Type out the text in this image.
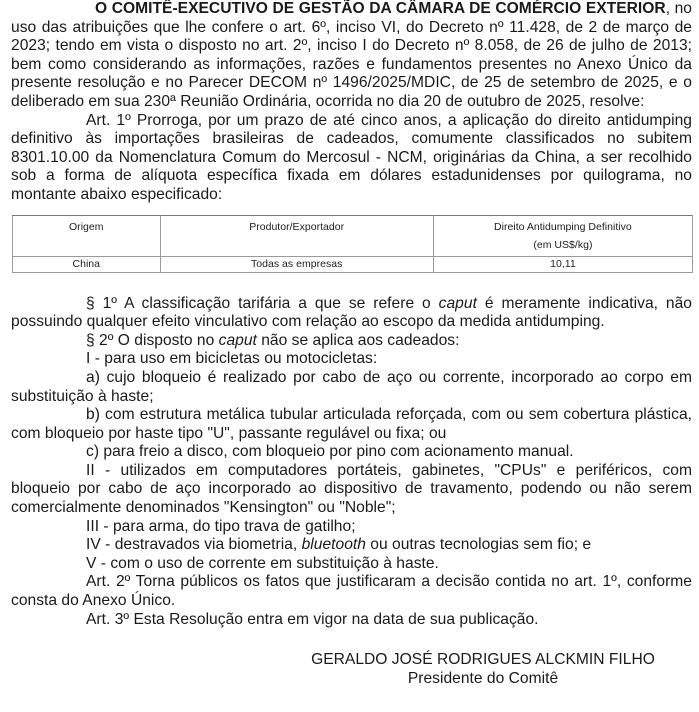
O COMITÊ-EXECUTIVO DE GESTÃO DA CÂMARA DE COMÉRCIO EXTERIOR, no uso das atribuições que lhe confere o art. 6º, inciso VI, do Decreto nº 11.428, de 2 de março de 2023; tendo em vista o disposto no art. 2º, inciso I do Decreto nº 8.058, de 26 de julho de 2013; bem como considerando as informações, razões e fundamentos presentes no Anexo Único da presente resolução e no Parecer DECOM nº 1496/2025/MDIC, de 25 de setembro de 2025, e o deliberado em sua 230ª Reunião Ordinária, ocorrida no dia 20 de outubro de 2025, resolve:

Art. 1º Prorroga, por um prazo de até cinco anos, a aplicação do direito antidumping definitivo às importações brasileiras de cadeados, comumente classificados no subitem 8301.10.00 da Nomenclatura Comum do Mercosul - NCM, originárias da China, a ser recolhido sob a forma de alíquota específica fixada em dólares estadunidenses por quilograma, no montante abaixo especificado:

Origem	Produtor/Exportador	Direito Antidumping Definitivo
(em US$/kg)

China	Todas as empresas	10,11

§ 1º A classificação tarifária a que se refere o caput é meramente indicativa, não possuindo qualquer efeito vinculativo com relação ao escopo da medida antidumping.

§ 2º O disposto no caput não se aplica aos cadeados:

I - para uso em bicicletas ou motocicletas:

a) cujo bloqueio é realizado por cabo de aço ou corrente, incorporado ao corpo em substituição à haste;

b) com estrutura metálica tubular articulada reforçada, com ou sem cobertura plástica, com bloqueio por haste tipo "U", passante regulável ou fixa; ou

c) para freio a disco, com bloqueio por pino com acionamento manual.

II - utilizados em computadores portáteis, gabinetes, "CPUs" e periféricos, com bloqueio por cabo de aço incorporado ao dispositivo de travamento, podendo ou não serem comercialmente denominados "Kensington" ou "Noble";

III - para arma, do tipo trava de gatilho;

IV - destravados via biometria, bluetooth ou outras tecnologias sem fio; e

V - com o uso de corrente em substituição à haste.

Art. 2º Torna públicos os fatos que justificaram a decisão contida no art. 1º, conforme consta do Anexo Único.

Art. 3º Esta Resolução entra em vigor na data de sua publicação.

GERALDO JOSÉ RODRIGUES ALCKMIN FILHO
Presidente do Comitê
